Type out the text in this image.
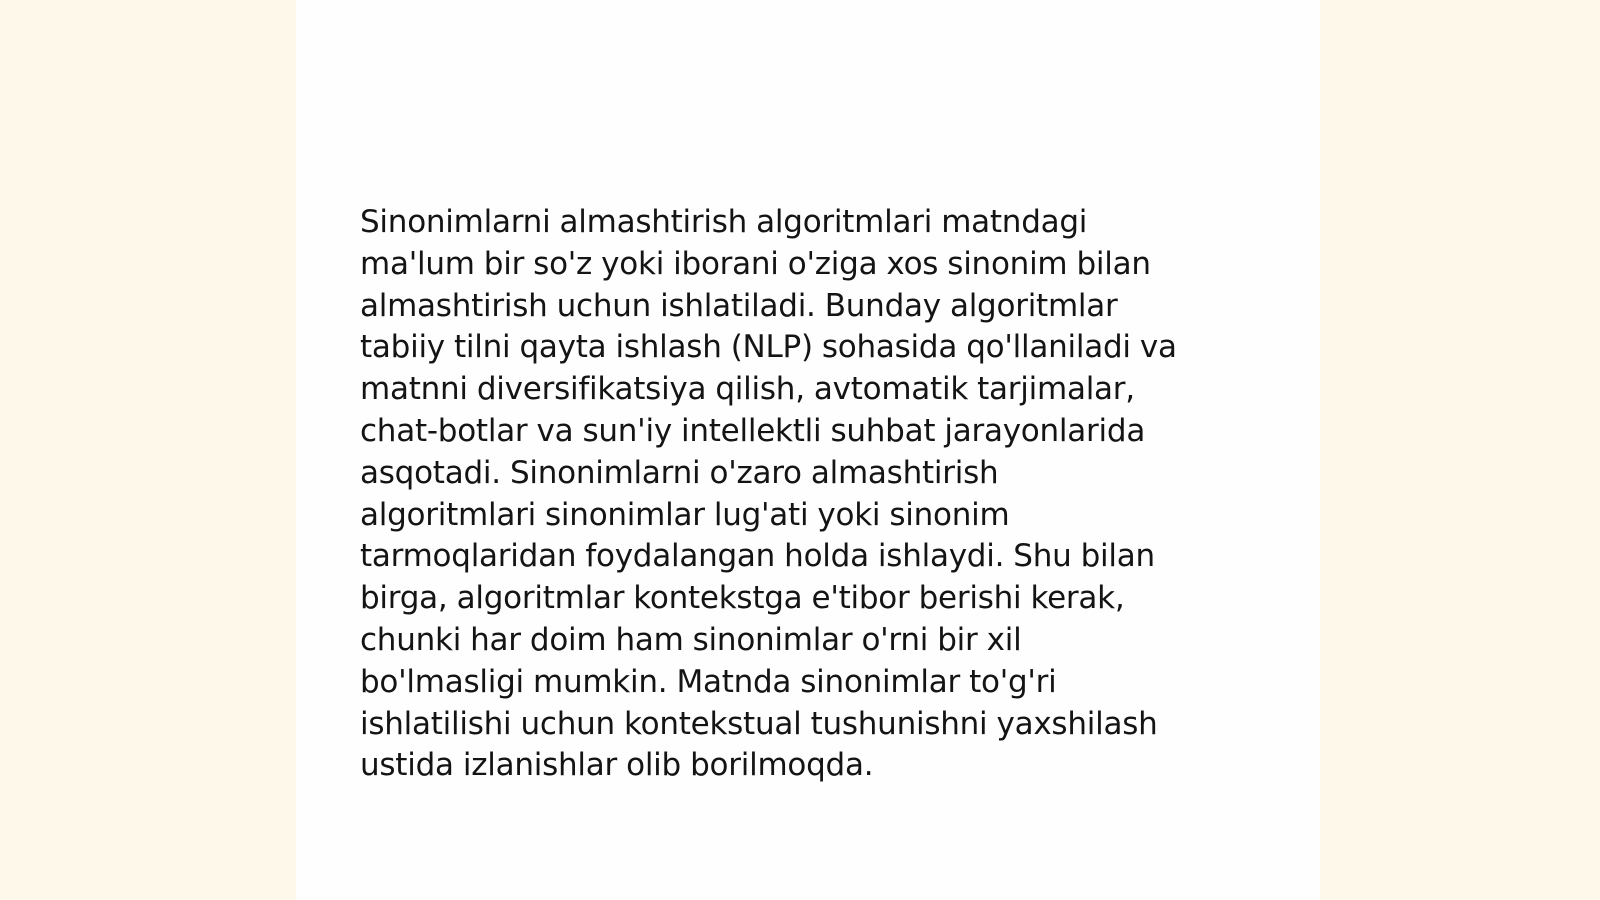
Sinonimlarni almashtirish algoritmlari matndagi
ma'lum bir so'z yoki iborani o'ziga xos sinonim bilan
almashtirish uchun ishlatiladi. Bunday algoritmlar
tabiiy tilni qayta ishlash (NLP) sohasida qo'llaniladi va
matnni diversifikatsiya qilish, avtomatik tarjimalar,
chat-botlar va sun'iy intellektli suhbat jarayonlarida
asqotadi. Sinonimlarni o'zaro almashtirish
algoritmlari sinonimlar lug'ati yoki sinonim
tarmoqlaridan foydalangan holda ishlaydi. Shu bilan
birga, algoritmlar kontekstga e'tibor berishi kerak,
chunki har doim ham sinonimlar o'rni bir xil
bo'lmasligi mumkin. Matnda sinonimlar to'g'ri
ishlatilishi uchun kontekstual tushunishni yaxshilash
ustida izlanishlar olib borilmoqda.
